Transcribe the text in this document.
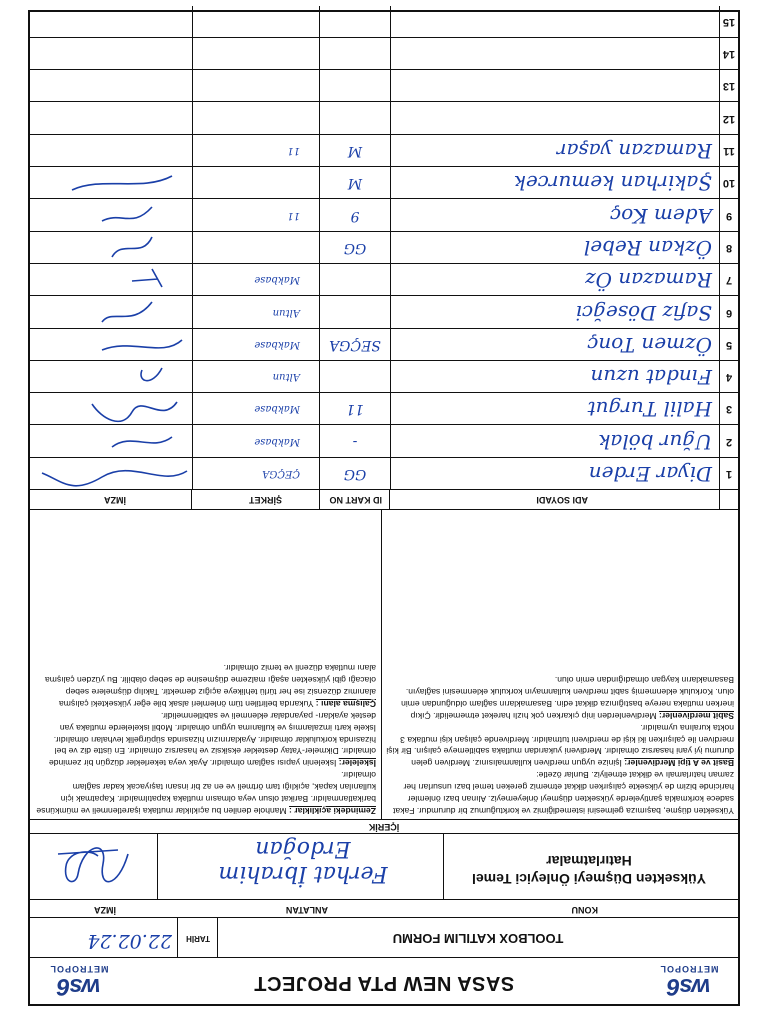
ws6
METROPOL
SASA NEW PTA PROJECT
ws6
METROPOL
TOOLBOX KATILIM FORMU
TARİH
22.02.24
KONU
ANLATAN
İMZA
Yüksekten Düşmeyi Önleyici Temel Hatırlatmalar
Ferhat İbrahim Erdoğan
İÇERİK

Yüksekten düşme, başımıza gelmesini istemediğimiz ve korktuğumuz bir durumdur. Fakat sadece korkmakla şantiyelerde yüksekten düşmeyi önleyemeyiz. Alınan bazı önlemler haricinde bizim de yüksekte çalışırken dikkat etmemiz gereken temel bazı unsurları her zaman hatırlamalı ve dikkat etmeliyiz. Bunlar özetle:

Basit ve A tipi Merdivenler: İşinize uygun merdiven kullanmalısınız. Merdiven gelen durumu iyi yani hasarsız olmalıdır. Merdiveni yukarıdan mutlaka sabitlemeye çalışın. Bir kişi merdiven ile çalışırken iki kişi de merdiveni tutmalıdır. Merdivende çalışan kişi mutlaka 3 nokta kuralına uymalıdır.

Sabit merdivenler: Merdivenlerden inip çıkarken çok hızlı hareket etmemelidir. Çıkıp inerken mutlaka nereye bastığınıza dikkat edin. Basamakların sağlam olduğundan emin olun. Korkuluk eklenmemiş sabit merdiven kullanmayın korkuluk eklenmesini sağlayın. Basamakların kaygan olmadığından emin olun.

Zemindeki açıklıklar : Manhole denilen bu açıklıklar mutlaka işaretlenmeli ve mümkünse barikatlanmalıdır. Barikat olsun veya olmasın mutlaka kapatılmalıdır. Kapatmak için kullanılan kapak, açıklığı tam örtmeli ve en az bir insanı taşıyacak kadar sağlam olmalıdır.

İskeleler: İskelenin yapısı sağlam olmalıdır. Ayak veya tekerlekler düzgün bir zeminde olmalıdır. Dikmeler-Yatay destekler eksiksiz ve hasarsız olmalıdır. En üstte diz ve bel hizasında korkuluklar olmalıdır. Ayaklarınızın hizasında süpürgelik levhaları olmalıdır. İskele kartı imzalanmış ve kullanıma uygun olmalıdır. Mobil iskelelerde mutlaka yan destek ayakları- payandalar eklenmeli ve sabitlenmelidir.

Çalışma alanı : Yukarıda belirtilen tüm önlemleri alsak bile eğer yüksekteki çalışma alanımız düzensiz ise her türlü tehlikeye açığız demektir. Takılıp düşmelere sebep olacağı gibi yüksekten aşağı malzeme düşmesine de sebep olabilir. Bu yüzden çalışma alanı mutlaka düzenli ve temiz olmalıdır.

ADI SOYADI
ID KART NO
ŞİRKET
İMZA
1
Diyar Erden
GG
ÇEÇGA
2
Uğur bölak
-
Makbase
3
Halil Turgut
11
Makbase
4
Fındat uzun
Altun
5
Özmen Tonç
SEÇGA
Makbase
6
Safiz Döseğci
Altun
7
Ramazan Öz
Makbase
8
Özkan Rebel
GG
9
Adem Koç
9
11
10
Şakirhan kemurcek
M
11
Ramazan yaşar
M
11
12
13
14
15
